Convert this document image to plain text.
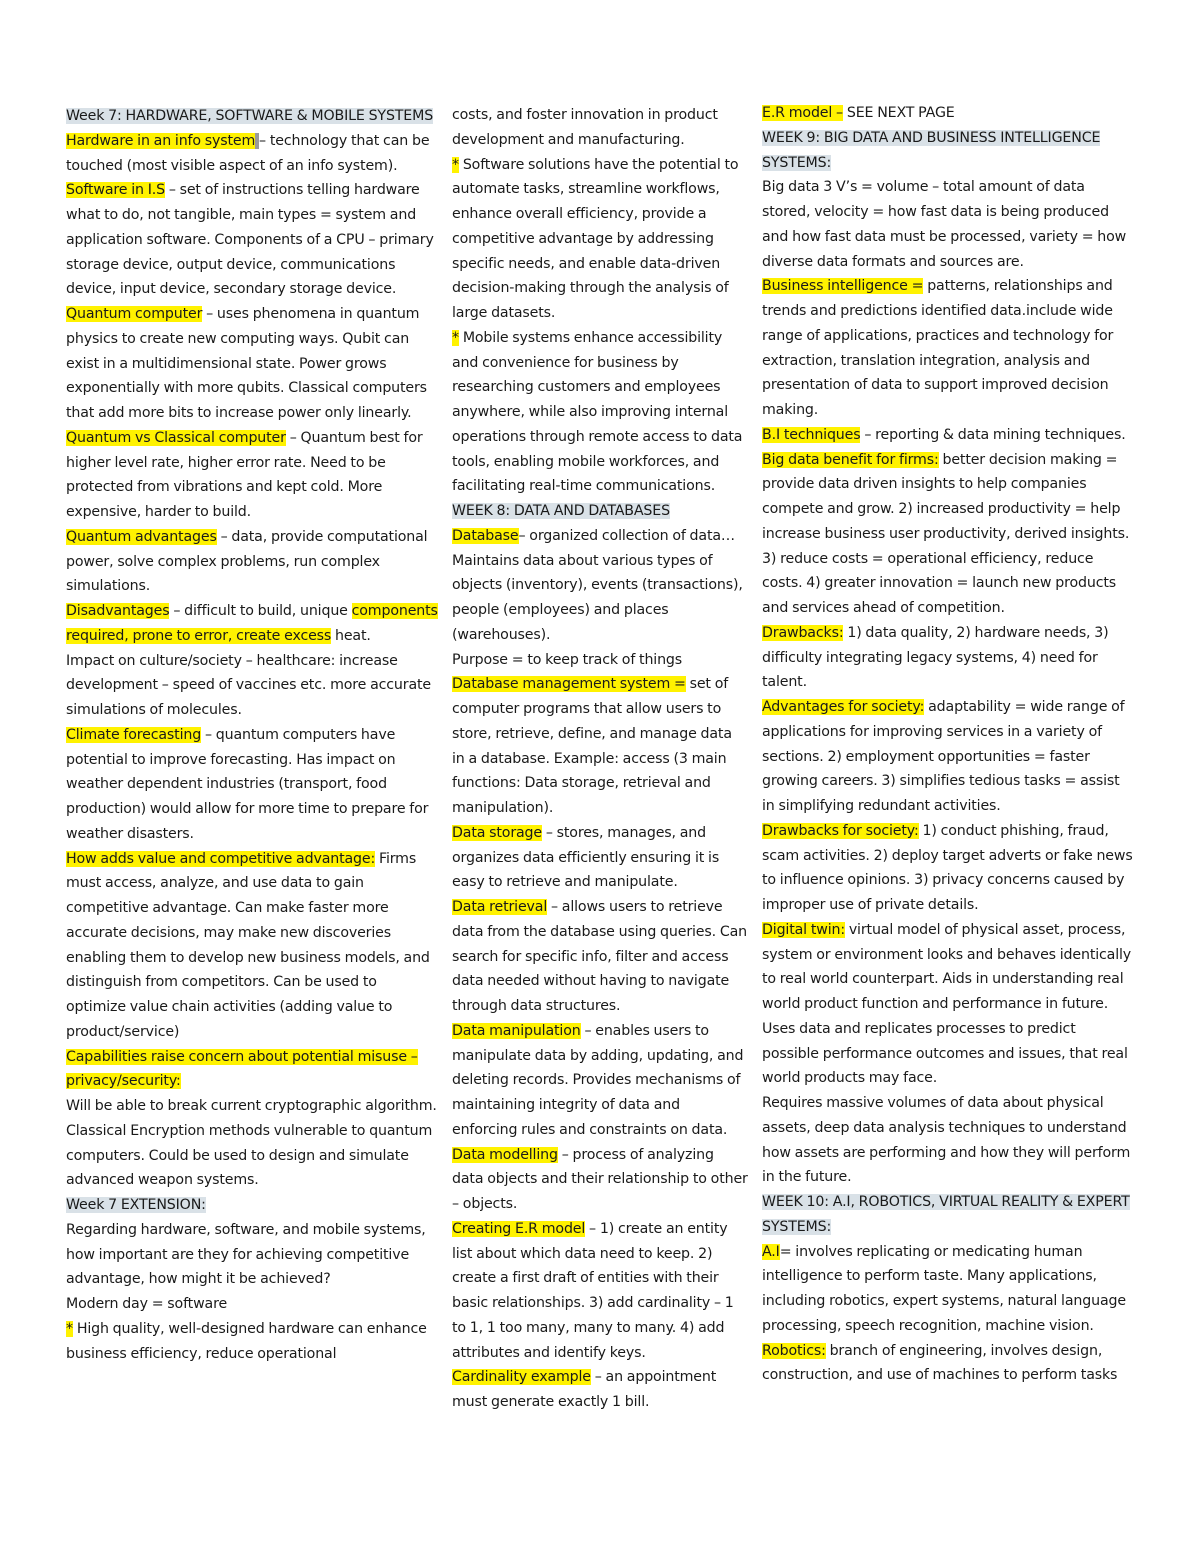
Week 7: HARDWARE, SOFTWARE & MOBILE SYSTEMS

Hardware in an info system – technology that can be touched (most visible aspect of an info system).

Software in I.S – set of instructions telling hardware what to do, not tangible, main types = system and application software. Components of a CPU – primary storage device, output device, communications device, input device, secondary storage device.

Quantum computer – uses phenomena in quantum physics to create new computing ways. Qubit can exist in a multidimensional state. Power grows exponentially with more qubits. Classical computers that add more bits to increase power only linearly.

Quantum vs Classical computer – Quantum best for higher level rate, higher error rate. Need to be protected from vibrations and kept cold. More expensive, harder to build.

Quantum advantages – data, provide computational power, solve complex problems, run complex simulations.

Disadvantages – difficult to build, unique components required, prone to error, create excess heat.

Impact on culture/society – healthcare: increase development – speed of vaccines etc. more accurate simulations of molecules.

Climate forecasting – quantum computers have potential to improve forecasting. Has impact on weather dependent industries (transport, food production) would allow for more time to prepare for weather disasters.

How adds value and competitive advantage: Firms must access, analyze, and use data to gain competitive advantage. Can make faster more accurate decisions, may make new discoveries enabling them to develop new business models, and distinguish from competitors. Can be used to optimize value chain activities (adding value to product/service)

Capabilities raise concern about potential misuse – privacy/security:

Will be able to break current cryptographic algorithm. Classical Encryption methods vulnerable to quantum computers. Could be used to design and simulate advanced weapon systems.

Week 7 EXTENSION:

Regarding hardware, software, and mobile systems, how important are they for achieving competitive advantage, how might it be achieved?

Modern day = software

* High quality, well-designed hardware can enhance business efficiency, reduce operational

costs, and foster innovation in product development and manufacturing.

* Software solutions have the potential to automate tasks, streamline workflows, enhance overall efficiency, provide a competitive advantage by addressing specific needs, and enable data-driven decision-making through the analysis of large datasets.

* Mobile systems enhance accessibility and convenience for business by researching customers and employees anywhere, while also improving internal operations through remote access to data tools, enabling mobile workforces, and facilitating real-time communications.

WEEK 8: DATA AND DATABASES

Database– organized collection of data… Maintains data about various types of objects (inventory), events (transactions), people (employees) and places (warehouses).

Purpose = to keep track of things

Database management system = set of computer programs that allow users to store, retrieve, define, and manage data in a database. Example: access (3 main functions: Data storage, retrieval and manipulation).

Data storage – stores, manages, and organizes data efficiently ensuring it is easy to retrieve and manipulate.

Data retrieval – allows users to retrieve data from the database using queries. Can search for specific info, filter and access data needed without having to navigate through data structures.

Data manipulation – enables users to manipulate data by adding, updating, and deleting records. Provides mechanisms of maintaining integrity of data and enforcing rules and constraints on data.

Data modelling – process of analyzing data objects and their relationship to other – objects.

Creating E.R model – 1) create an entity list about which data need to keep. 2) create a first draft of entities with their basic relationships. 3) add cardinality – 1 to 1, 1 too many, many to many. 4) add attributes and identify keys.

Cardinality example – an appointment must generate exactly 1 bill.

E.R model – SEE NEXT PAGE

WEEK 9: BIG DATA AND BUSINESS INTELLIGENCE SYSTEMS:

Big data 3 V’s = volume – total amount of data stored, velocity = how fast data is being produced and how fast data must be processed, variety = how diverse data formats and sources are.

Business intelligence = patterns, relationships and trends and predictions identified data.include wide range of applications, practices and technology for extraction, translation integration, analysis and presentation of data to support improved decision making.

B.I techniques – reporting & data mining techniques.

Big data benefit for firms: better decision making = provide data driven insights to help companies compete and grow. 2) increased productivity = help increase business user productivity, derived insights. 3) reduce costs = operational efficiency, reduce costs. 4) greater innovation = launch new products and services ahead of competition.

Drawbacks: 1) data quality, 2) hardware needs, 3) difficulty integrating legacy systems, 4) need for talent.

Advantages for society: adaptability = wide range of applications for improving services in a variety of sections. 2) employment opportunities = faster growing careers. 3) simplifies tedious tasks = assist in simplifying redundant activities.

Drawbacks for society: 1) conduct phishing, fraud, scam activities. 2) deploy target adverts or fake news to influence opinions. 3) privacy concerns caused by improper use of private details.

Digital twin: virtual model of physical asset, process, system or environment looks and behaves identically to real world counterpart. Aids in understanding real world product function and performance in future. Uses data and replicates processes to predict possible performance outcomes and issues, that real world products may face.

Requires massive volumes of data about physical assets, deep data analysis techniques to understand how assets are performing and how they will perform in the future.

WEEK 10: A.I, ROBOTICS, VIRTUAL REALITY & EXPERT SYSTEMS:

A.I= involves replicating or medicating human intelligence to perform taste. Many applications, including robotics, expert systems, natural language processing, speech recognition, machine vision.

Robotics: branch of engineering, involves design, construction, and use of machines to perform tasks
